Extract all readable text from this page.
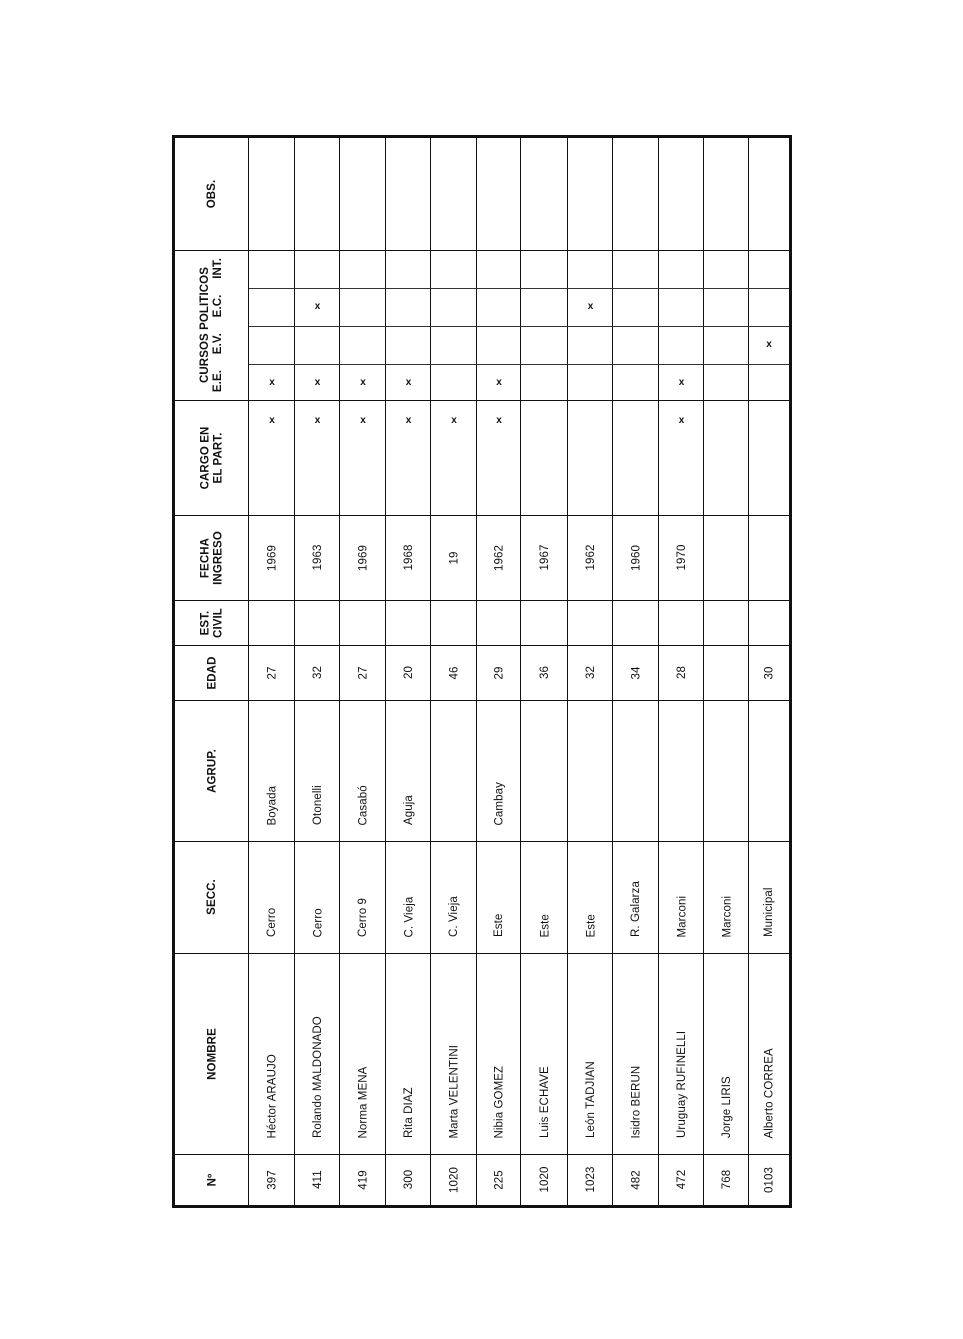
OBS.
CURSOS POLITICOS E.E.
E.V.
E.C.
INT.
CARGO EN EL PART.
FECHA INGRESO
EST. CIVIL
EDAD
AGRUP.
SECC.
NOMBRE
Nº	397
Héctor ARAUJO
Cerro
Boyada
27
1969
x
x
411
Rolando MALDONADO
Cerro
Otonelli
32
1963
x
x
x
419
Norma MENA
Cerro 9
Casabó
27
1969
x
x
300
Rita DIAZ
C. Vieja
Aguja
20
1968
x
x
1020
Marta VELENTINI
C. Vieja
46
19
x
225
Nibia GOMEZ
Este
Cambay
29
1962
x
x
1020
Luis ECHAVE
Este
36
1967
1023
León TADJIAN
Este
32
1962
x
482
Isidro BERUN
R. Galarza
34
1960
472
Uruguay RUFINELLI
Marconi
28
1970
x
x
768
Jorge LIRIS
Marconi
0103
Alberto CORREA
Municipal
30
x
